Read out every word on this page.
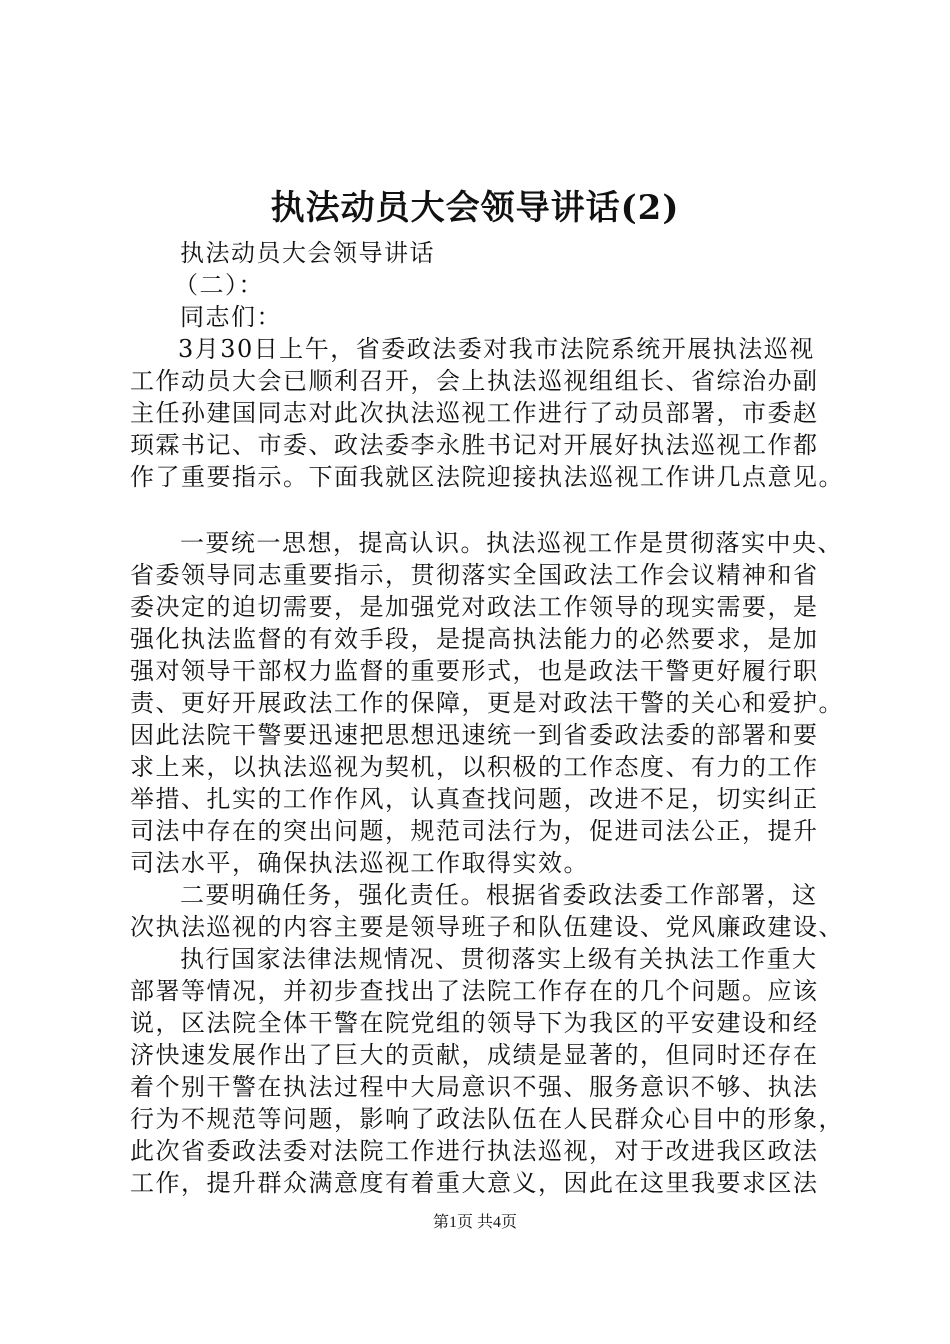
执法动员大会领导讲话(2)
执法动员大会领导讲话
（二）：
同志们：
3月30日上午，省委政法委对我市法院系统开展执法巡视
工作动员大会已顺利召开，会上执法巡视组组长、省综治办副
主任孙建国同志对此次执法巡视工作进行了动员部署，市委赵
顼霖书记、市委、政法委李永胜书记对开展好执法巡视工作都
作了重要指示。下面我就区法院迎接执法巡视工作讲几点意见。
一要统一思想，提高认识。执法巡视工作是贯彻落实中央、
省委领导同志重要指示，贯彻落实全国政法工作会议精神和省
委决定的迫切需要，是加强党对政法工作领导的现实需要，是
强化执法监督的有效手段，是提高执法能力的必然要求，是加
强对领导干部权力监督的重要形式，也是政法干警更好履行职
责、更好开展政法工作的保障，更是对政法干警的关心和爱护。
因此法院干警要迅速把思想迅速统一到省委政法委的部署和要
求上来，以执法巡视为契机，以积极的工作态度、有力的工作
举措、扎实的工作作风，认真查找问题，改进不足，切实纠正
司法中存在的突出问题，规范司法行为，促进司法公正，提升
司法水平，确保执法巡视工作取得实效。
二要明确任务，强化责任。根据省委政法委工作部署，这
次执法巡视的内容主要是领导班子和队伍建设、党风廉政建设、
执行国家法律法规情况、贯彻落实上级有关执法工作重大
部署等情况，并初步查找出了法院工作存在的几个问题。应该
说，区法院全体干警在院党组的领导下为我区的平安建设和经
济快速发展作出了巨大的贡献，成绩是显著的，但同时还存在
着个别干警在执法过程中大局意识不强、服务意识不够、执法
行为不规范等问题，影响了政法队伍在人民群众心目中的形象，
此次省委政法委对法院工作进行执法巡视，对于改进我区政法
工作，提升群众满意度有着重大意义，因此在这里我要求区法
第1页 共4页
